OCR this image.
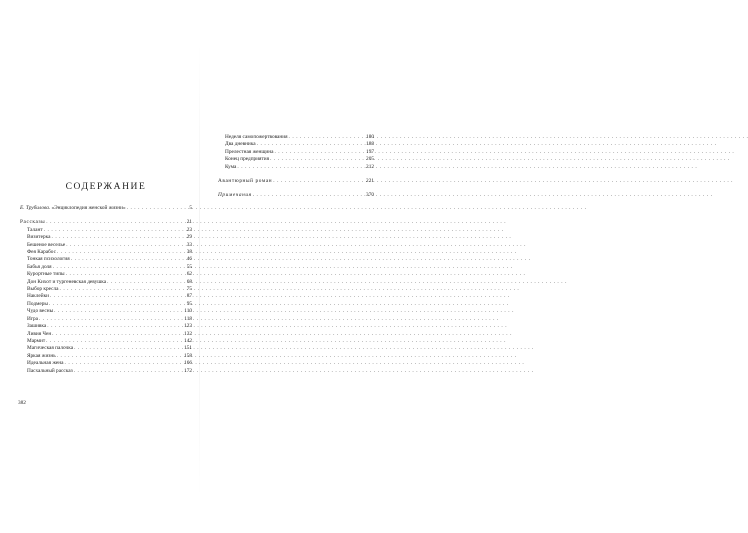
СОДЕРЖАНИЕ
Е. Трубилова. «Энциклопедия женской жизни» . . .	5
Рассказы . . .	21
Талант . . .	23
Визитерка . . .	29
Бешеное веселье . . .	33
Фея Карабос . . .	38
Тонкая психология . . .	46
Бабья доля . . .	55
Курортные типы . . .	62
Дон Кихот и тургеневская девушка . . .	68
Выбор кресла . . .	75
Наклейки . . .	87
Подмеры . . .	95
Чудо весны . . .	110
Игра . . .	118
Зашивка . . .	123
Ливия Чен . . .	132
Мармит . . .	142
Магическая палочка . . .	151
Яркая жизнь . . .	158
Идеальная жена . . .	166
Пасхальный рассказ . . .	172
382
Неделя самопожертвования . . .	180
Два дневника . . .	188
Прелестная женщина . . .	197
Конец предприятия . . .	205
Кума . . .	212
Авантюрный роман . . .	221
Примечания . . .	370
